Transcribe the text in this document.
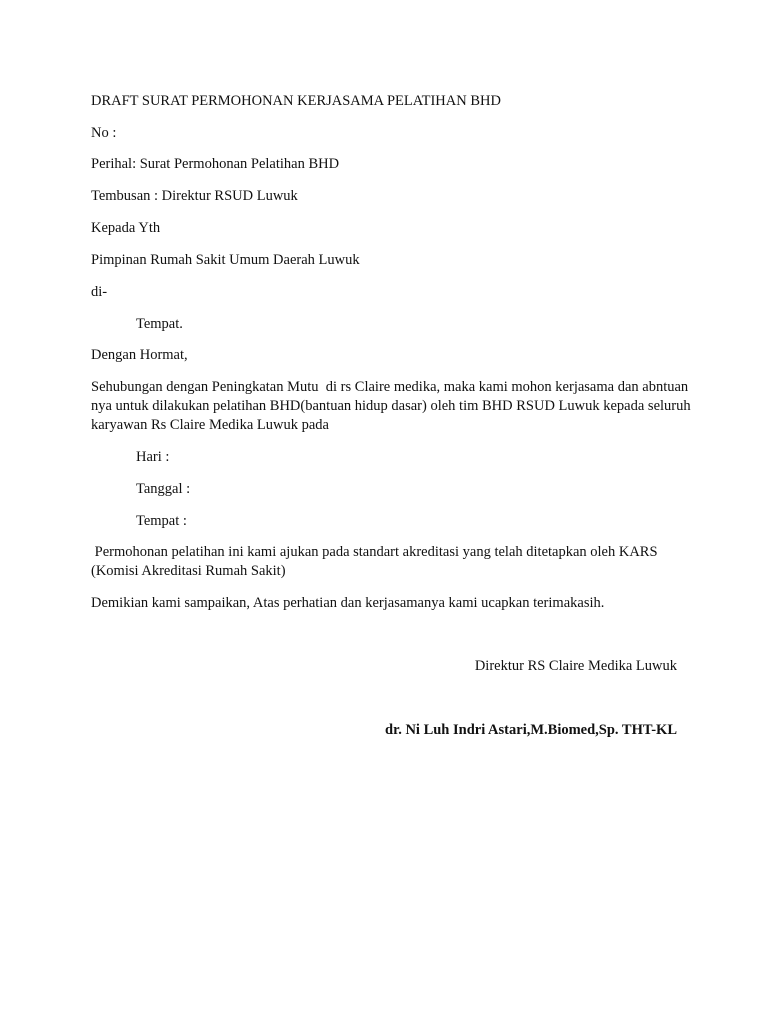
DRAFT SURAT PERMOHONAN KERJASAMA PELATIHAN BHD
No :
Perihal: Surat Permohonan Pelatihan BHD
Tembusan : Direktur RSUD Luwuk
Kepada Yth
Pimpinan Rumah Sakit Umum Daerah Luwuk
di-
Tempat.
Dengan Hormat,
Sehubungan dengan Peningkatan Mutu  di rs Claire medika, maka kami mohon kerjasama dan abntuan
nya untuk dilakukan pelatihan BHD(bantuan hidup dasar) oleh tim BHD RSUD Luwuk kepada seluruh
karyawan Rs Claire Medika Luwuk pada
Hari :
Tanggal :
Tempat :
Permohonan pelatihan ini kami ajukan pada standart akreditasi yang telah ditetapkan oleh KARS
(Komisi Akreditasi Rumah Sakit)
Demikian kami sampaikan, Atas perhatian dan kerjasamanya kami ucapkan terimakasih.
Direktur RS Claire Medika Luwuk
dr. Ni Luh Indri Astari,M.Biomed,Sp. THT-KL
